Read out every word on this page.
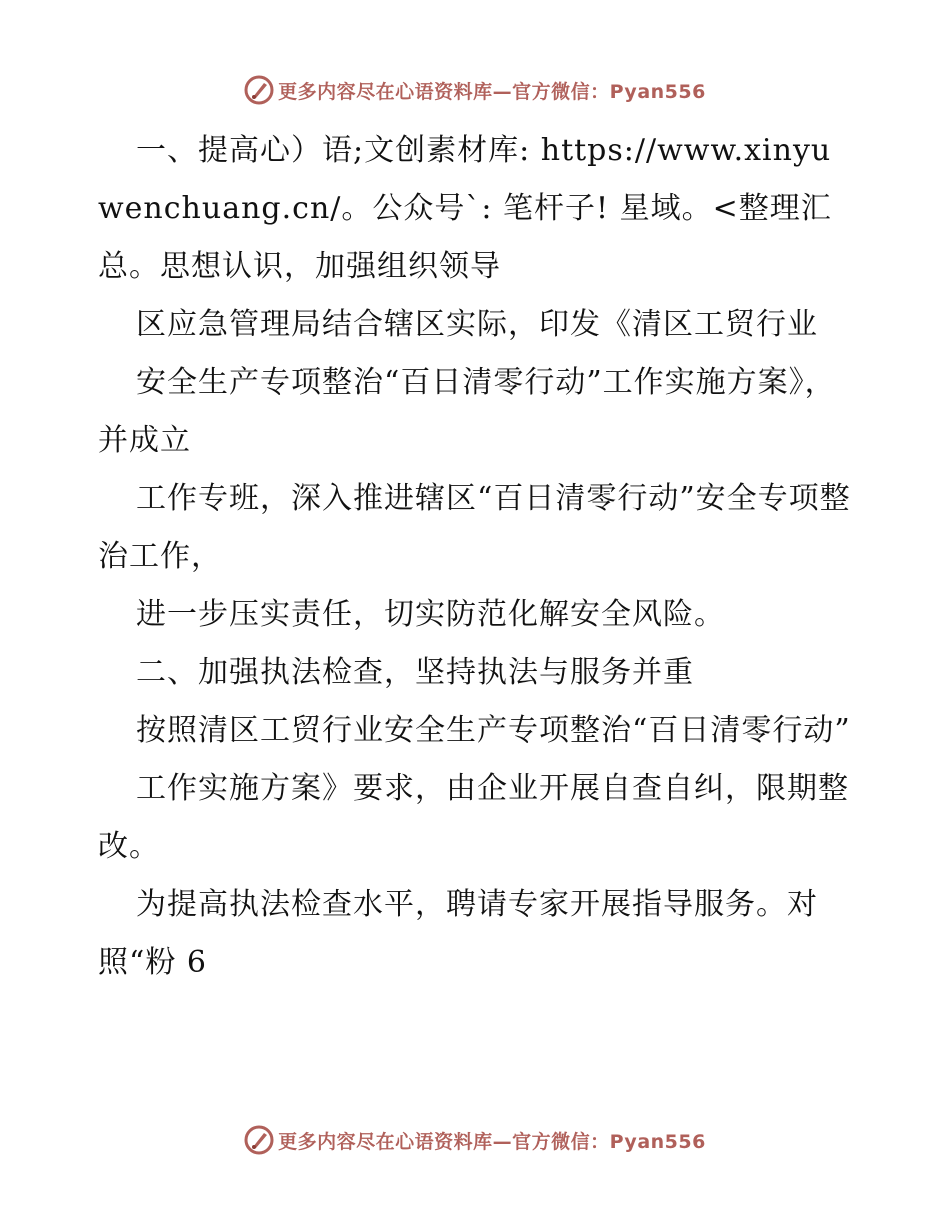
更多内容尽在心语资料库—官方微信：Pyan556

一、提高心）语;文创素材库: https://www.xinyuwenchuang.cn/。公众号`: 笔杆子! 星域。<整理汇总。思想认识，加强组织领导

区应急管理局结合辖区实际，印发《清区工贸行业

安全生产专项整治“百日清零行动”工作实施方案》，并成立

工作专班，深入推进辖区“百日清零行动”安全专项整治工作，

进一步压实责任，切实防范化解安全风险。

二、加强执法检查，坚持执法与服务并重

按照清区工贸行业安全生产专项整治“百日清零行动”

工作实施方案》要求，由企业开展自查自纠，限期整改。

为提高执法检查水平，聘请专家开展指导服务。对照“粉 6

更多内容尽在心语资料库—官方微信：Pyan556
